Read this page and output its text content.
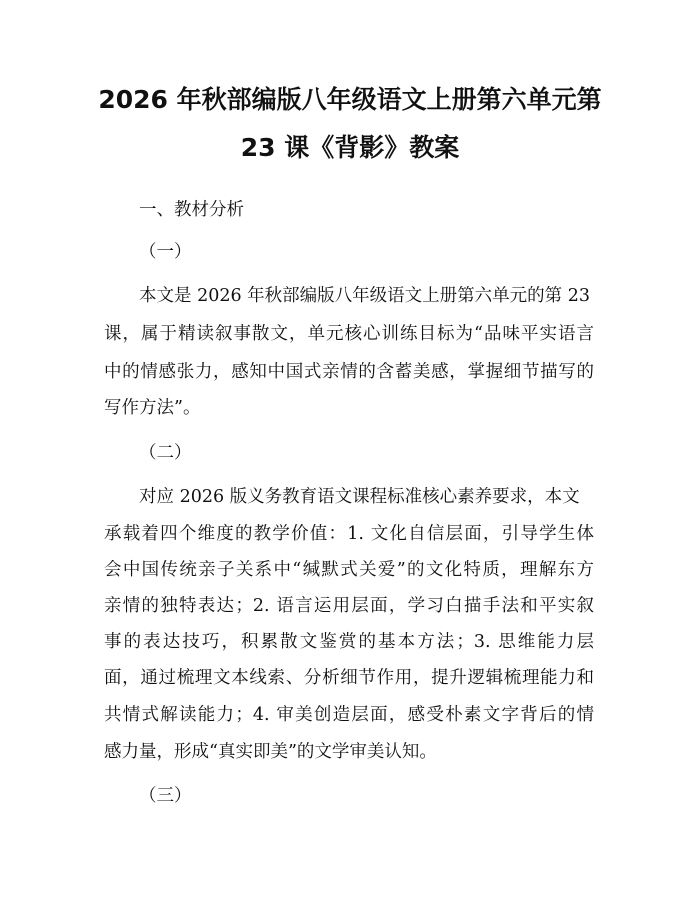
2026 年秋部编版八年级语文上册第六单元第
23 课《背影》教案
一、教材分析
（一）
本文是 2026 年秋部编版八年级语文上册第六单元的第 23
课，属于精读叙事散文，单元核心训练目标为“品味平实语言
中的情感张力，感知中国式亲情的含蓄美感，掌握细节描写的
写作方法”。
（二）
对应 2026 版义务教育语文课程标准核心素养要求，本文
承载着四个维度的教学价值：1. 文化自信层面，引导学生体
会中国传统亲子关系中“缄默式关爱”的文化特质，理解东方
亲情的独特表达；2. 语言运用层面，学习白描手法和平实叙
事的表达技巧，积累散文鉴赏的基本方法；3. 思维能力层
面，通过梳理文本线索、分析细节作用，提升逻辑梳理能力和
共情式解读能力；4. 审美创造层面，感受朴素文字背后的情
感力量，形成“真实即美”的文学审美认知。
（三）
